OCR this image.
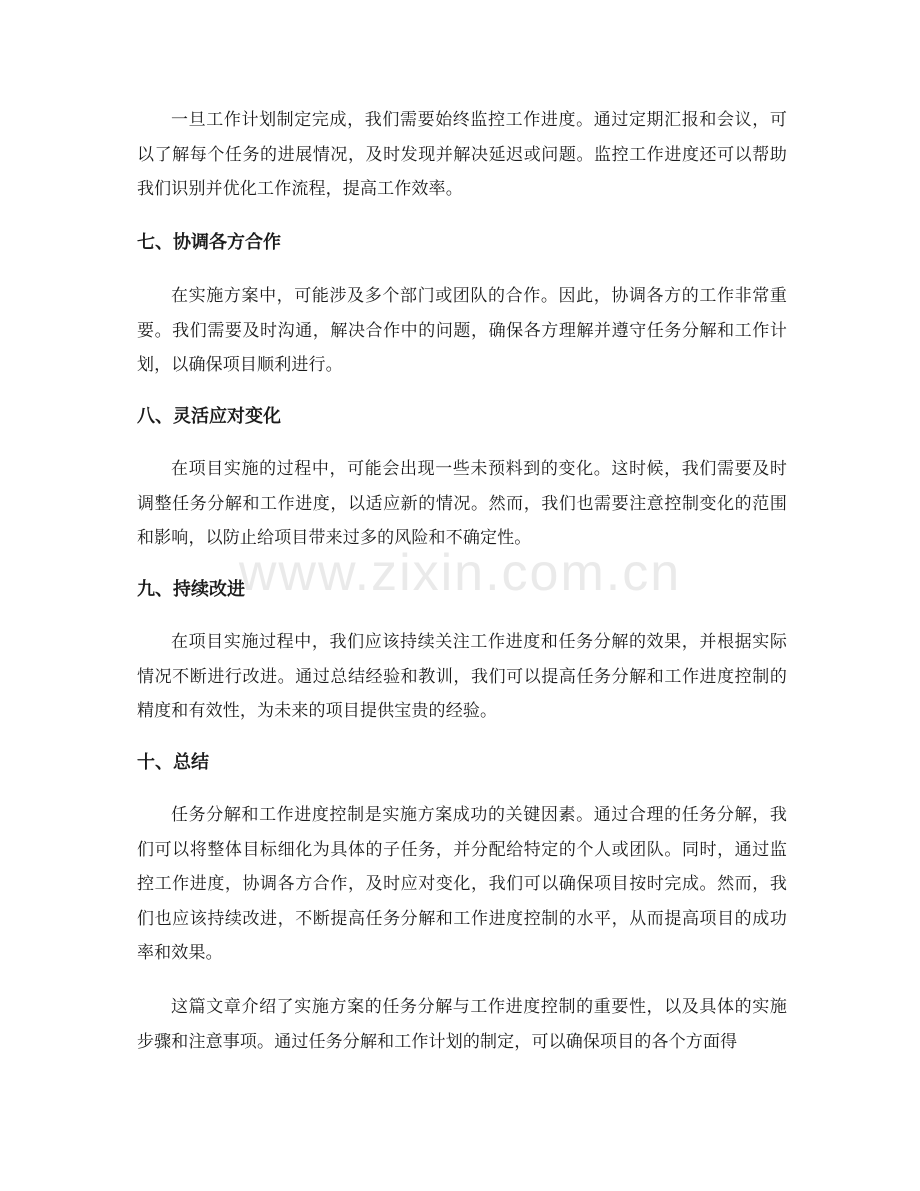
一旦工作计划制定完成，我们需要始终监控工作进度。通过定期汇报和会议，可以了解每个任务的进展情况，及时发现并解决延迟或问题。监控工作进度还可以帮助我们识别并优化工作流程，提高工作效率。

七、协调各方合作

在实施方案中，可能涉及多个部门或团队的合作。因此，协调各方的工作非常重要。我们需要及时沟通，解决合作中的问题，确保各方理解并遵守任务分解和工作计划，以确保项目顺利进行。

八、灵活应对变化

在项目实施的过程中，可能会出现一些未预料到的变化。这时候，我们需要及时调整任务分解和工作进度，以适应新的情况。然而，我们也需要注意控制变化的范围和影响，以防止给项目带来过多的风险和不确定性。

九、持续改进

在项目实施过程中，我们应该持续关注工作进度和任务分解的效果，并根据实际情况不断进行改进。通过总结经验和教训，我们可以提高任务分解和工作进度控制的精度和有效性，为未来的项目提供宝贵的经验。

十、总结

任务分解和工作进度控制是实施方案成功的关键因素。通过合理的任务分解，我们可以将整体目标细化为具体的子任务，并分配给特定的个人或团队。同时，通过监控工作进度，协调各方合作，及时应对变化，我们可以确保项目按时完成。然而，我们也应该持续改进，不断提高任务分解和工作进度控制的水平，从而提高项目的成功率和效果。

这篇文章介绍了实施方案的任务分解与工作进度控制的重要性，以及具体的实施步骤和注意事项。通过任务分解和工作计划的制定，可以确保项目的各个方面得

www.zixin.com.cn
